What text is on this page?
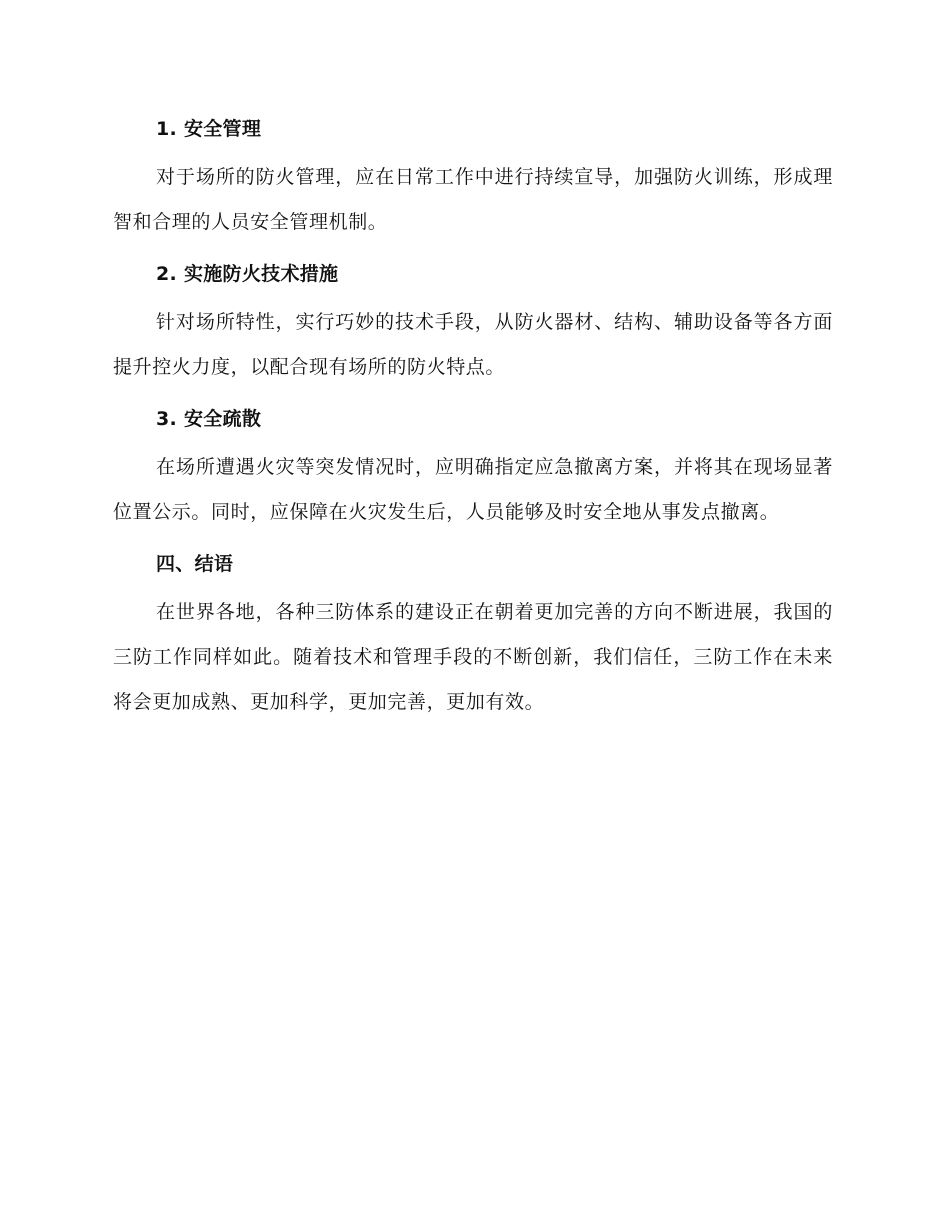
1. 安全管理

对于场所的防火管理，应在日常工作中进行持续宣导，加强防火训练，形成理智和合理的人员安全管理机制。

2. 实施防火技术措施

针对场所特性，实行巧妙的技术手段，从防火器材、结构、辅助设备等各方面提升控火力度，以配合现有场所的防火特点。

3. 安全疏散

在场所遭遇火灾等突发情况时，应明确指定应急撤离方案，并将其在现场显著位置公示。同时，应保障在火灾发生后，人员能够及时安全地从事发点撤离。

四、结语

在世界各地，各种三防体系的建设正在朝着更加完善的方向不断进展，我国的三防工作同样如此。随着技术和管理手段的不断创新，我们信任，三防工作在未来将会更加成熟、更加科学，更加完善，更加有效。
